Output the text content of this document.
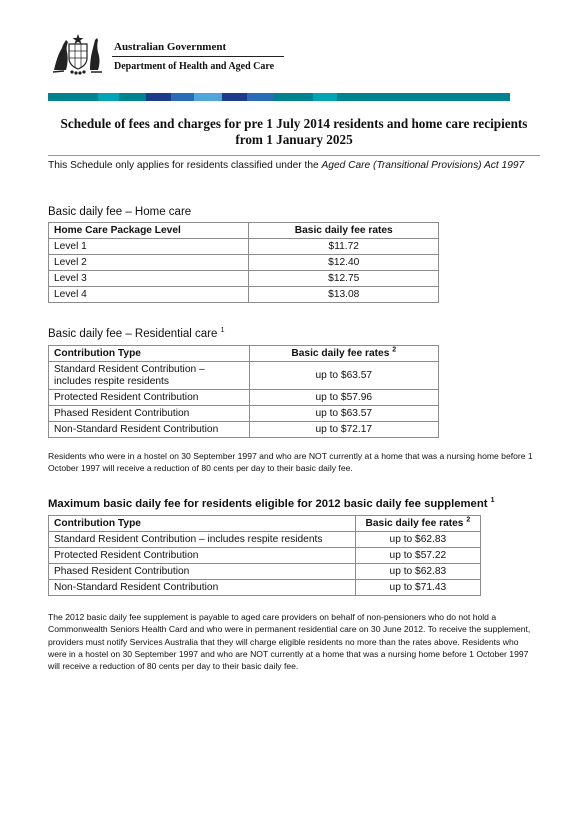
Australian Government
Department of Health and Aged Care
Schedule of fees and charges for pre 1 July 2014 residents and home care recipients
from 1 January 2025
This Schedule only applies for residents classified under the Aged Care (Transitional Provisions) Act 1997
Basic daily fee – Home care
Home Care Package Level	Basic daily fee rates
Level 1	$11.72
Level 2	$12.40
Level 3	$12.75
Level 4	$13.08
Basic daily fee – Residential care $^1$
Contribution Type	Basic daily fee rates $^2$
Standard Resident Contribution – includes respite residents	up to $63.57
Protected Resident Contribution	up to $57.96
Phased Resident Contribution	up to $63.57
Non-Standard Resident Contribution	up to $72.17
Residents who were in a hostel on 30 September 1997 and who are NOT currently at a home that was a nursing home before 1 October 1997 will receive a reduction of 80 cents per day to their basic daily fee.
Maximum basic daily fee for residents eligible for 2012 basic daily fee supplement $^1$
Contribution Type	Basic daily fee rates $^2$
Standard Resident Contribution – includes respite residents	up to $62.83
Protected Resident Contribution	up to $57.22
Phased Resident Contribution	up to $62.83
Non-Standard Resident Contribution	up to $71.43
The 2012 basic daily fee supplement is payable to aged care providers on behalf of non-pensioners who do not hold a Commonwealth Seniors Health Card and who were in permanent residential care on 30 June 2012. To receive the supplement, providers must notify Services Australia that they will charge eligible residents no more than the rates above. Residents who were in a hostel on 30 September 1997 and who are NOT currently at a home that was a nursing home before 1 October 1997 will receive a reduction of 80 cents per day to their basic daily fee.
